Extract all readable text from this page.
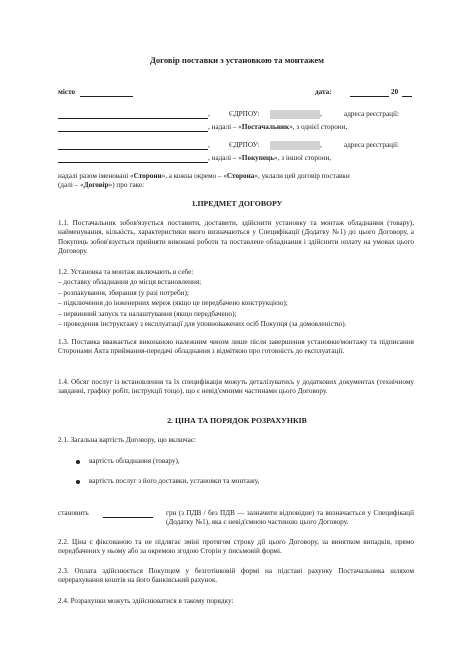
Договір поставки з установкою та монтажем
місто	дата:	20
,	ЄДРПОУ:	,	адреса реєстрації:
, надалі – «Постачальник», з однієї сторони,
,	ЄДРПОУ:	,	адреса реєстрації:
, надалі – «Покупець», з іншої сторони,
надалі разом іменовані «Сторони», а кожна окремо – «Сторона», уклали цей договір поставки
(далі – «Договір») про таке:
1.ПРЕДМЕТ ДОГОВОРУ
1.1. Постачальник зобов'язується поставити, доставити, здійснити установку та монтаж обладнання (товару), найменування, кількість, характеристики якого визначаються у Специфікації (Додатку №1) до цього Договору, а Покупець зобов'язується прийняти виконані роботи та поставлене обладнання і здійснити оплату на умовах цього Договору.
1.2. Установка та монтаж включають в себе:
– доставку обладнання до місця встановлення;
– розпакування, збирання (у разі потреби);
– підключення до інженерних мереж (якщо це передбачено конструкцією);
– первинний запуск та налаштування (якщо передбачено);
– проведення інструктажу з експлуатації для уповноважених осіб Покупця (за домовленістю).
1.3. Поставка вважається виконаною належним чином лише після завершення установки/монтажу та підписання Сторонами Акта приймання-передачі обладнання з відміткою про готовність до експлуатації.
1.4. Обсяг послуг із встановлення та їх специфікація можуть деталізуватись у додаткових документах (технічному завданні, графіку робіт, інструкції тощо), що є невід'ємними частинами цього Договору.
2. ЦІНА ТА ПОРЯДОК РОЗРАХУНКІВ
2.1. Загальна вартість Договору, що включає:
вартість обладнання (товару),
вартість послуг з його доставки, установки та монтажу,
становить	грн (з ПДВ / без ПДВ — зазначити відповідне) та визначається у Специфікації (Додатку №1), яка є невід'ємною частиною цього Договору.
2.2. Ціна є фіксованою та не підлягає зміні протягом строку дії цього Договору, за винятком випадків, прямо передбачених у ньому або за окремою згодою Сторін у письмовій формі.
2.3. Оплата здійснюється Покупцем у безготівковій формі на підставі рахунку Постачальника шляхом перерахування коштів на його банківський рахунок.
2.4. Розрахунки можуть здійснюватися в такому порядку:
